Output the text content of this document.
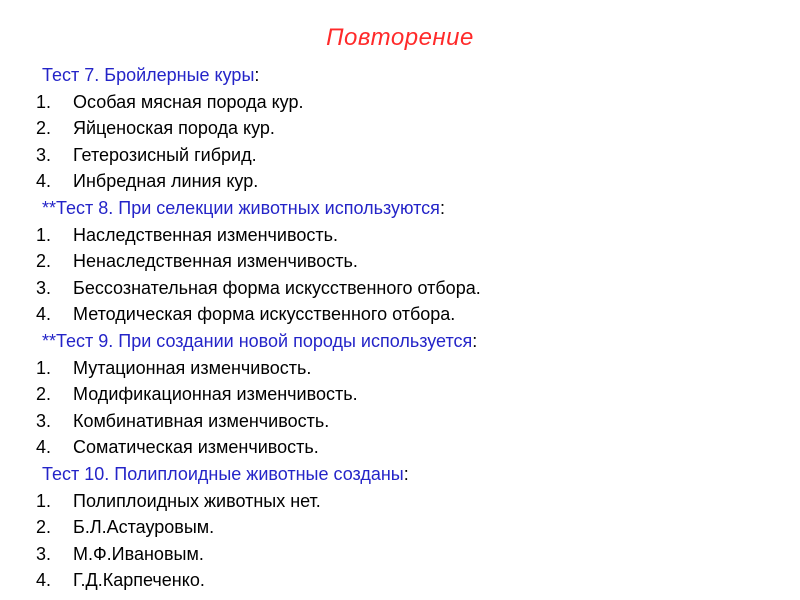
Повторение
Тест 7. Бройлерные куры:
1.	Особая мясная порода кур.
2.	Яйценоская порода кур.
3.	Гетерозисный гибрид.
4.	Инбредная линия кур.
**Тест 8. При селекции животных используются:
1.	Наследственная изменчивость.
2.	Ненаследственная изменчивость.
3.	Бессознательная форма искусственного отбора.
4.	Методическая форма искусственного отбора.
**Тест 9. При создании новой породы используется:
1.	Мутационная изменчивость.
2.	Модификационная изменчивость.
3.	Комбинативная изменчивость.
4.	Соматическая изменчивость.
Тест 10. Полиплоидные животные созданы:
1.	Полиплоидных животных нет.
2.	Б.Л.Астауровым.
3.	М.Ф.Ивановым.
4.	Г.Д.Карпеченко.
